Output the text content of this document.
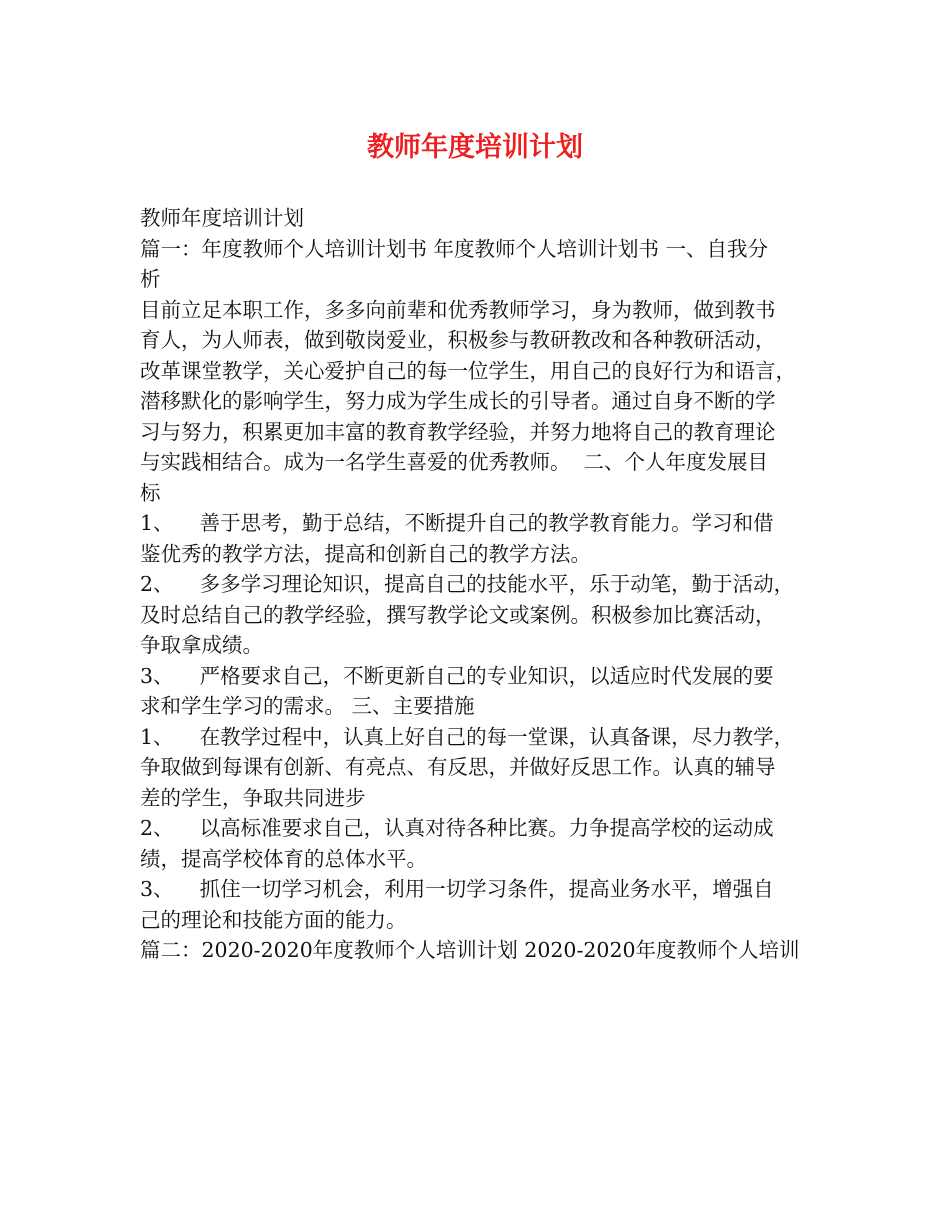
教师年度培训计划
教师年度培训计划
篇一：年度教师个人培训计划书 年度教师个人培训计划书 一、自我分
析
目前立足本职工作，多多向前辈和优秀教师学习，身为教师，做到教书
育人，为人师表，做到敬岗爱业，积极参与教研教改和各种教研活动，
改革课堂教学，关心爱护自己的每一位学生，用自己的良好行为和语言，
潜移默化的影响学生，努力成为学生成长的引导者。通过自身不断的学
习与努力，积累更加丰富的教育教学经验，并努力地将自己的教育理论
与实践相结合。成为一名学生喜爱的优秀教师。  二、个人年度发展目
标
1、    善于思考，勤于总结，不断提升自己的教学教育能力。学习和借
鉴优秀的教学方法，提高和创新自己的教学方法。
2、    多多学习理论知识，提高自己的技能水平，乐于动笔，勤于活动，
及时总结自己的教学经验，撰写教学论文或案例。积极参加比赛活动，
争取拿成绩。
3、    严格要求自己，不断更新自己的专业知识，以适应时代发展的要
求和学生学习的需求。 三、主要措施
1、    在教学过程中，认真上好自己的每一堂课，认真备课，尽力教学，
争取做到每课有创新、有亮点、有反思，并做好反思工作。认真的辅导
差的学生，争取共同进步
2、    以高标准要求自己，认真对待各种比赛。力争提高学校的运动成
绩，提高学校体育的总体水平。
3、    抓住一切学习机会，利用一切学习条件，提高业务水平，增强自
己的理论和技能方面的能力。
篇二：2020-2020年度教师个人培训计划 2020-2020年度教师个人培训
